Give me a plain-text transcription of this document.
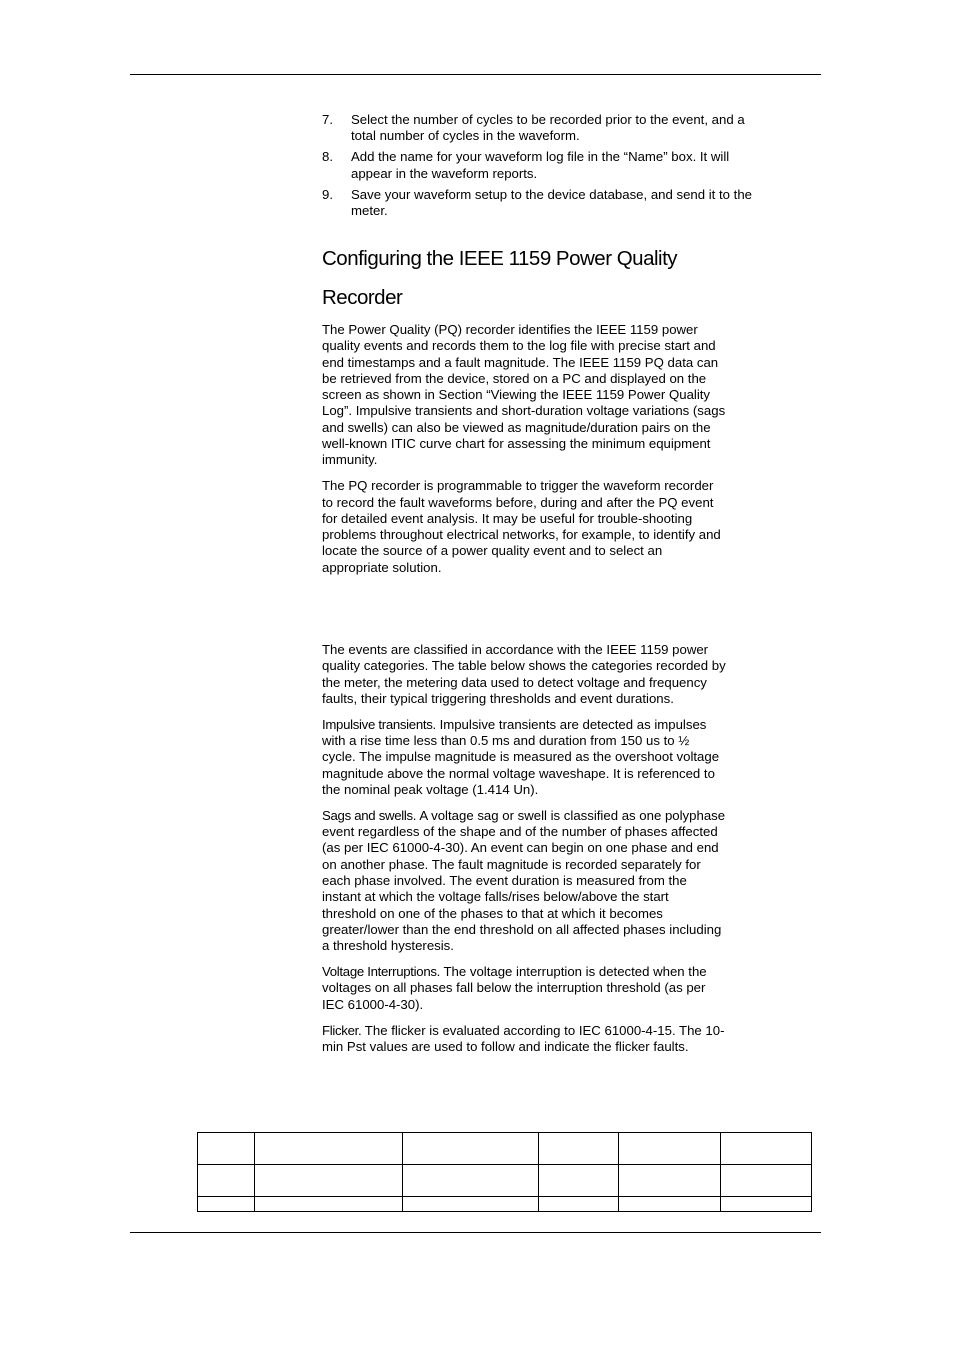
7. Select the number of cycles to be recorded prior to the event, and a total number of cycles in the waveform.
8. Add the name for your waveform log file in the “Name” box. It will appear in the waveform reports.
9. Save your waveform setup to the device database, and send it to the meter.
Configuring the IEEE 1159 Power Quality Recorder

The Power Quality (PQ) recorder identifies the IEEE 1159 power quality events and records them to the log file with precise start and end timestamps and a fault magnitude. The IEEE 1159 PQ data can be retrieved from the device, stored on a PC and displayed on the screen as shown in Section “Viewing the IEEE 1159 Power Quality Log”. Impulsive transients and short-duration voltage variations (sags and swells) can also be viewed as magnitude/duration pairs on the well-known ITIC curve chart for assessing the minimum equipment immunity.

The PQ recorder is programmable to trigger the waveform recorder to record the fault waveforms before, during and after the PQ event for detailed event analysis. It may be useful for trouble-shooting problems throughout electrical networks, for example, to identify and locate the source of a power quality event and to select an appropriate solution.

The events are classified in accordance with the IEEE 1159 power quality categories. The table below shows the categories recorded by the meter, the metering data used to detect voltage and frequency faults, their typical triggering thresholds and event durations.

Impulsive transients. Impulsive transients are detected as impulses with a rise time less than 0.5 ms and duration from 150 us to ½ cycle. The impulse magnitude is measured as the overshoot voltage magnitude above the normal voltage waveshape. It is referenced to the nominal peak voltage (1.414 Un).

Sags and swells. A voltage sag or swell is classified as one polyphase event regardless of the shape and of the number of phases affected (as per IEC 61000-4-30). An event can begin on one phase and end on another phase. The fault magnitude is recorded separately for each phase involved. The event duration is measured from the instant at which the voltage falls/rises below/above the start threshold on one of the phases to that at which it becomes greater/lower than the end threshold on all affected phases including a threshold hysteresis.

Voltage Interruptions. The voltage interruption is detected when the voltages on all phases fall below the interruption threshold (as per IEC 61000-4-30).

Flicker. The flicker is evaluated according to IEC 61000-4-15. The 10-min Pst values are used to follow and indicate the flicker faults.
